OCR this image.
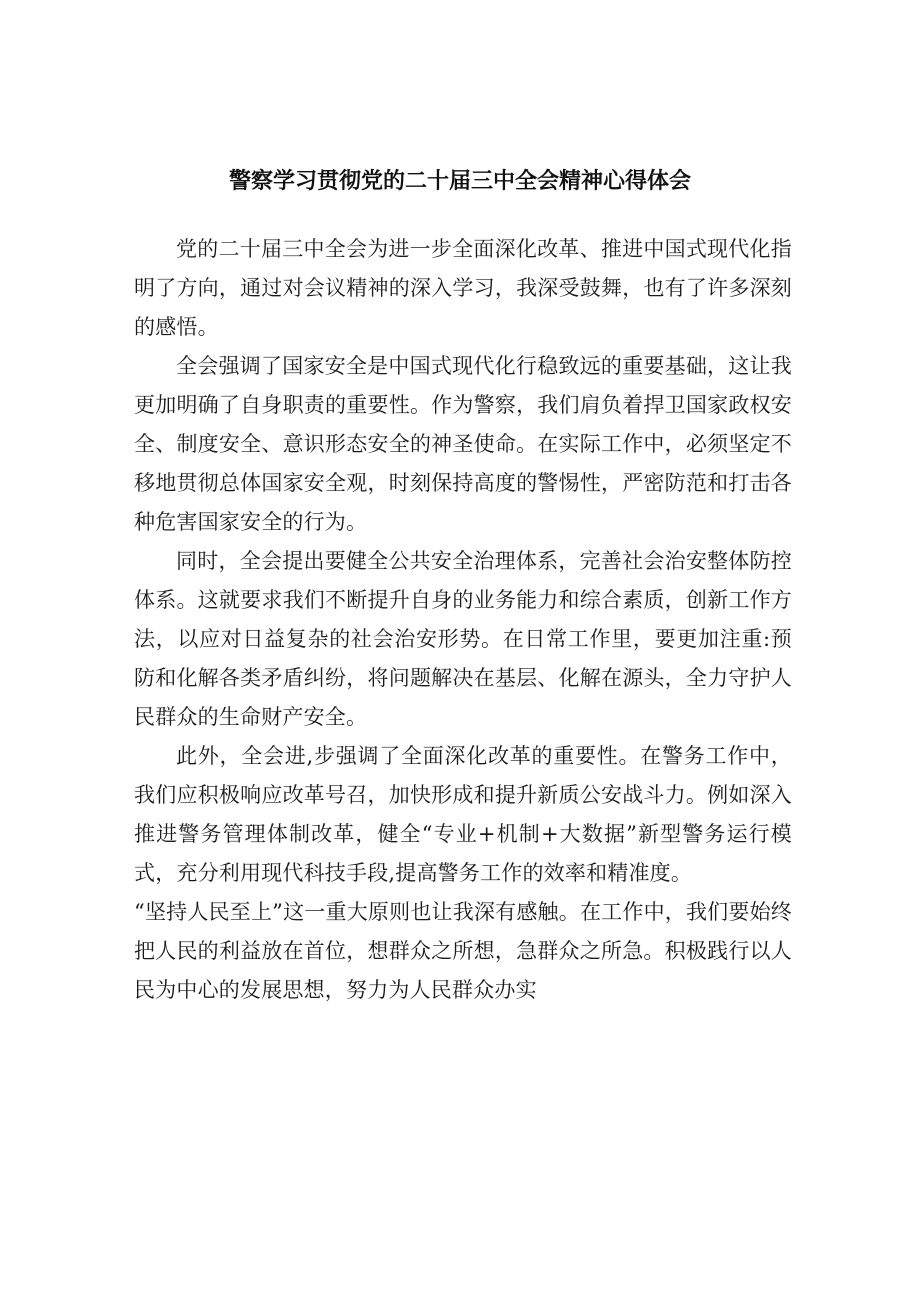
警察学习贯彻党的二十届三中全会精神心得体会

党的二十届三中全会为进一步全面深化改革、推进中国式现代化指明了方向，通过对会议精神的深入学习，我深受鼓舞，也有了许多深刻的感悟。

全会强调了国家安全是中国式现代化行稳致远的重要基础，这让我更加明确了自身职责的重要性。作为警察，我们肩负着捍卫国家政权安全、制度安全、意识形态安全的神圣使命。在实际工作中，必须坚定不移地贯彻总体国家安全观，时刻保持高度的警惕性，严密防范和打击各种危害国家安全的行为。

同时，全会提出要健全公共安全治理体系，完善社会治安整体防控体系。这就要求我们不断提升自身的业务能力和综合素质，创新工作方法，以应对日益复杂的社会治安形势。在日常工作里，要更加注重:预防和化解各类矛盾纠纷，将问题解决在基层、化解在源头，全力守护人民群众的生命财产安全。

此外，全会进,步强调了全面深化改革的重要性。在警务工作中，我们应积极响应改革号召，加快形成和提升新质公安战斗力。例如深入推进警务管理体制改革，健全“专业+机制+大数据”新型警务运行模式，充分利用现代科技手段,提高警务工作的效率和精准度。

“坚持人民至上”这一重大原则也让我深有感触。在工作中，我们要始终把人民的利益放在首位，想群众之所想，急群众之所急。积极践行以人民为中心的发展思想，努力为人民群众办实
